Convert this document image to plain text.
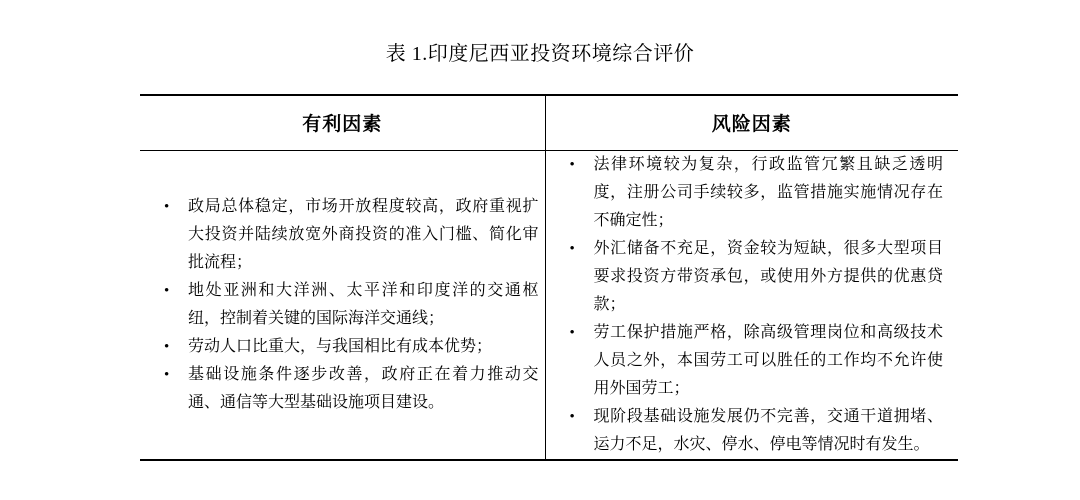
表 1.印度尼西亚投资环境综合评价
有利因素	风险因素

• 政局总体稳定，市场开放程度较高，政府重视扩大投资并陆续放宽外商投资的准入门槛、简化审批流程；
• 地处亚洲和大洋洲、太平洋和印度洋的交通枢纽，控制着关键的国际海洋交通线；
• 劳动人口比重大，与我国相比有成本优势；
• 基础设施条件逐步改善，政府正在着力推动交通、通信等大型基础设施项目建设。

• 法律环境较为复杂，行政监管冗繁且缺乏透明度，注册公司手续较多，监管措施实施情况存在不确定性；
• 外汇储备不充足，资金较为短缺，很多大型项目要求投资方带资承包，或使用外方提供的优惠贷款；
• 劳工保护措施严格，除高级管理岗位和高级技术人员之外，本国劳工可以胜任的工作均不允许使用外国劳工；
• 现阶段基础设施发展仍不完善，交通干道拥堵、运力不足，水灾、停水、停电等情况时有发生。
